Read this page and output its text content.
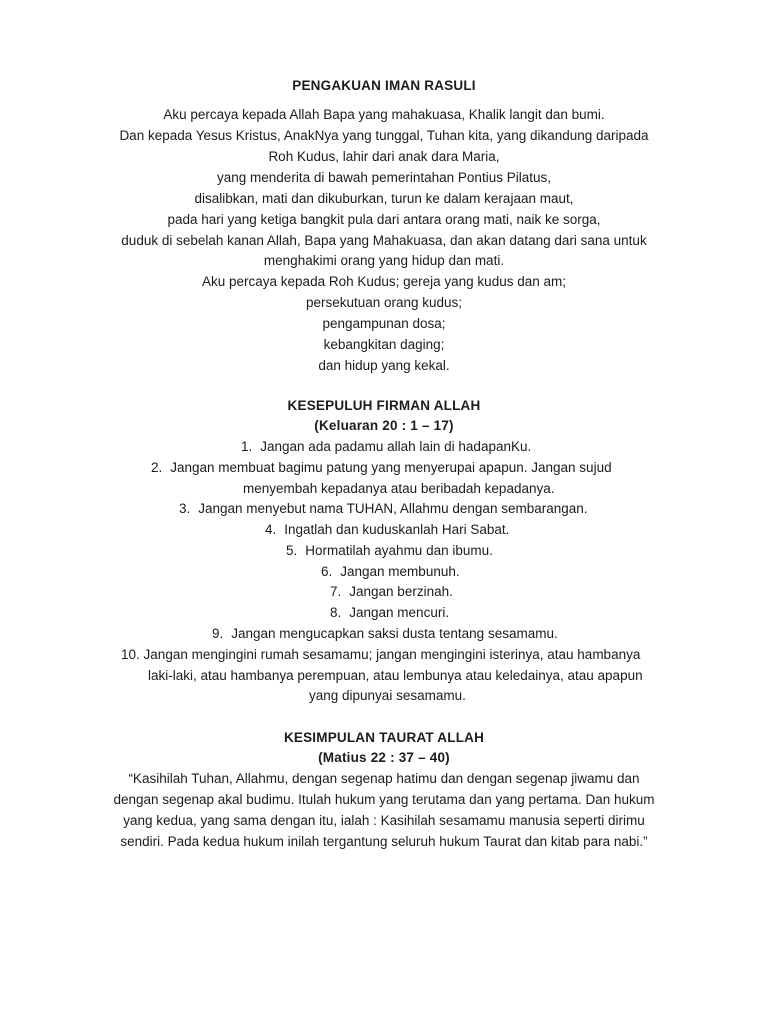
PENGAKUAN IMAN RASULI
Aku percaya kepada Allah Bapa yang mahakuasa, Khalik langit dan bumi.
Dan kepada Yesus Kristus, AnakNya yang tunggal, Tuhan kita, yang dikandung daripada
Roh Kudus, lahir dari anak dara Maria,
yang menderita di bawah pemerintahan Pontius Pilatus,
disalibkan, mati dan dikuburkan, turun ke dalam kerajaan maut,
pada hari yang ketiga bangkit pula dari antara orang mati, naik ke sorga,
duduk di sebelah kanan Allah, Bapa yang Mahakuasa, dan akan datang dari sana untuk
menghakimi orang yang hidup dan mati.
Aku percaya kepada Roh Kudus; gereja yang kudus dan am;
persekutuan orang kudus;
pengampunan dosa;
kebangkitan daging;
dan hidup yang kekal.
KESEPULUH FIRMAN ALLAH
(Keluaran 20 : 1 – 17)
1. Jangan ada padamu allah lain di hadapanKu.
2. Jangan membuat bagimu patung yang menyerupai apapun. Jangan sujud
menyembah kepadanya atau beribadah kepadanya.
3. Jangan menyebut nama TUHAN, Allahmu dengan sembarangan.
4. Ingatlah dan kuduskanlah Hari Sabat.
5. Hormatilah ayahmu dan ibumu.
6. Jangan membunuh.
7. Jangan berzinah.
8. Jangan mencuri.
9. Jangan mengucapkan saksi dusta tentang sesamamu.
10. Jangan mengingini rumah sesamamu; jangan mengingini isterinya, atau hambanya
laki-laki, atau hambanya perempuan, atau lembunya atau keledainya, atau apapun
yang dipunyai sesamamu.
KESIMPULAN TAURAT ALLAH
(Matius 22 : 37 – 40)
“Kasihilah Tuhan, Allahmu, dengan segenap hatimu dan dengan segenap jiwamu dan
dengan segenap akal budimu. Itulah hukum yang terutama dan yang pertama. Dan hukum
yang kedua, yang sama dengan itu, ialah : Kasihilah sesamamu manusia seperti dirimu
sendiri. Pada kedua hukum inilah tergantung seluruh hukum Taurat dan kitab para nabi.”
